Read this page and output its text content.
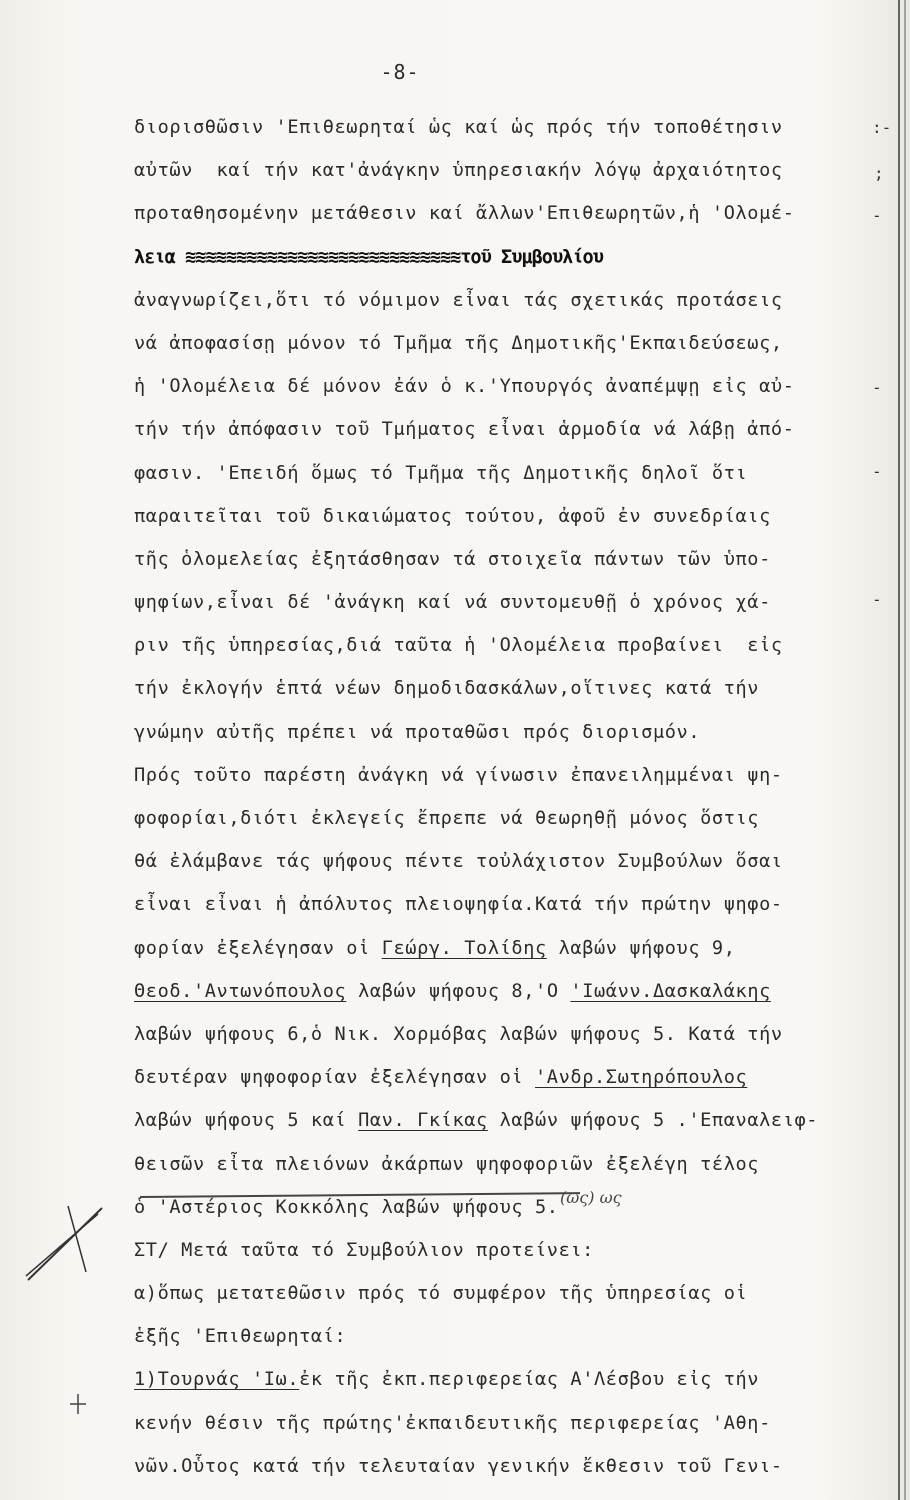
-8-
διορισθῶσιν 'Επιθεωρηταί ὡς καί ὡς πρός τήν τοποθέτησιν
αὐτῶν  καί τήν κατ'ἀνάγκην ὑπηρεσιακήν λόγῳ ἀρχαιότητος
προταθησομένην μετάθεσιν καί ἄλλων'Επιθεωρητῶν,ἡ 'Ολομέ-
λεια ≋≋≋≋≋≋≋≋≋≋≋≋≋≋≋≋≋≋≋≋≋≋≋≋≋≋≋τοῦ Συμβουλίου
ἀναγνωρίζει,ὅτι τό νόμιμον εἶναι τάς σχετικάς προτάσεις
νά ἀποφασίσῃ μόνον τό Τμῆμα τῆς Δημοτικῆς'Εκπαιδεύσεως,
ἡ 'Ολομέλεια δέ μόνον ἐάν ὁ κ.'Υπουργός ἀναπέμψῃ εἰς αὐ-
τήν τήν ἀπόφασιν τοῦ Τμήματος εἶναι ἁρμοδία νά λάβῃ ἀπό-
φασιν. 'Επειδή ὅμως τό Τμῆμα τῆς Δημοτικῆς δηλοῖ ὅτι
παραιτεῖται τοῦ δικαιώματος τούτου, ἀφοῦ ἐν συνεδρίαις
τῆς ὁλομελείας ἐξητάσθησαν τά στοιχεῖα πάντων τῶν ὑπο-
ψηφίων,εἶναι δέ 'ἀνάγκη καί νά συντομευθῇ ὁ χρόνος χά-
ριν τῆς ὑπηρεσίας,διά ταῦτα ἡ 'Ολομέλεια προβαίνει  εἰς
τήν ἐκλογήν ἑπτά νέων δημοδιδασκάλων,οἵτινες κατά τήν
γνώμην αὐτῆς πρέπει νά προταθῶσι πρός διορισμόν.
Πρός τοῦτο παρέστη ἀνάγκη νά γίνωσιν ἐπανειλημμέναι ψη-
φοφορίαι,διότι ἐκλεγείς ἔπρεπε νά θεωρηθῇ μόνος ὅστις
θά ἐλάμβανε τάς ψήφους πέντε τοὐλάχιστον Συμβούλων ὅσαι
εἶναι εἶναι ἡ ἀπόλυτος πλειοψηφία.Κατά τήν πρώτην ψηφο-
φορίαν ἐξελέγησαν οἱ Γεώργ. Τολίδης λαβών ψήφους 9,
Θεοδ.'Αντωνόπουλος λαβών ψήφους 8,'Ο 'Ιωάνν.Δασκαλάκης
λαβών ψήφους 6,ὁ Νικ. Χορμόβας λαβών ψήφους 5. Κατά τήν
δευτέραν ψηφοφορίαν ἐξελέγησαν οἱ 'Ανδρ.Σωτηρόπουλος
λαβών ψήφους 5 καί Παν. Γκίκας λαβών ψήφους 5 .'Επαναλειφ-
θεισῶν εἶτα πλειόνων ἀκάρπων ψηφοφοριῶν ἐξελέγη τέλος
ὁ 'Αστέριος Κοκκόλης λαβών ψήφους 5.
ΣΤ/ Μετά ταῦτα τό Συμβούλιον προτείνει:
α)ὅπως μετατεθῶσιν πρός τό συμφέρον τῆς ὑπηρεσίας οἱ
ἑξῆς 'Επιθεωρηταί:
1)Τουρνάς 'Ιω.ἐκ τῆς ἐκπ.περιφερείας Α'Λέσβου εἰς τήν
κενήν θέσιν τῆς πρώτης'ἐκπαιδευτικῆς περιφερείας 'Αθη-
νῶν.Οὗτος κατά τήν τελευταίαν γενικήν ἔκθεσιν τοῦ Γενι-
:-
;
-
-
-
-
(ως) ως
